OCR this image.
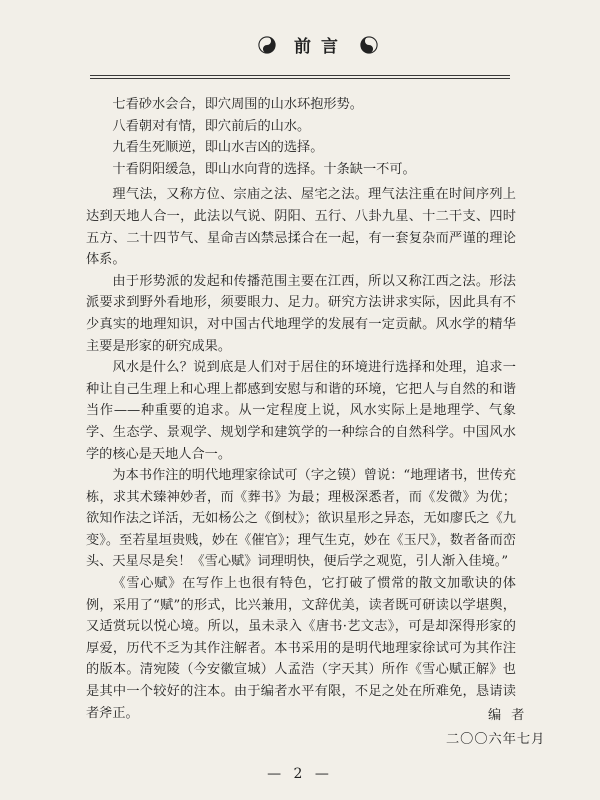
前言

七看砂水会合，即穴周围的山水环抱形势。

八看朝对有情，即穴前后的山水。

九看生死顺逆，即山水吉凶的选择。

十看阴阳缓急，即山水向背的选择。十条缺一不可。

理气法，又称方位、宗庙之法、屋宅之法。理气法注重在时间序列上达到天地人合一，此法以气说、阴阳、五行、八卦九星、十二干支、四时五方、二十四节气、星命吉凶禁忌揉合在一起，有一套复杂而严谨的理论体系。

由于形势派的发起和传播范围主要在江西，所以又称江西之法。形法派要求到野外看地形，须要眼力、足力。研究方法讲求实际，因此具有不少真实的地理知识，对中国古代地理学的发展有一定贡献。风水学的精华主要是形家的研究成果。

风水是什么？说到底是人们对于居住的环境进行选择和处理，追求一种让自己生理上和心理上都感到安慰与和谐的环境，它把人与自然的和谐当作——种重要的追求。从一定程度上说，风水实际上是地理学、气象学、生态学、景观学、规划学和建筑学的一种综合的自然科学。中国风水学的核心是天地人合一。

为本书作注的明代地理家徐试可（字之镆）曾说：“地理诸书，世传充栋，求其术臻神妙者，而《葬书》为最；理极深悉者，而《发微》为优；欲知作法之详活，无如杨公之《倒杖》；欲识星形之异态，无如廖氏之《九变》。至若星垣贵贱，妙在《催官》；理气生克，妙在《玉尺》，数者备而峦头、天星尽是矣！《雪心赋》词理明快，便后学之观览，引人渐入佳境。”

《雪心赋》在写作上也很有特色，它打破了惯常的散文加歌诀的体例，采用了“赋”的形式，比兴兼用，文辞优美，读者既可研读以学堪舆，又适赏玩以悦心境。所以，虽未录入《唐书·艺文志》，可是却深得形家的厚爱，历代不乏为其作注解者。本书采用的是明代地理家徐试可为其作注的版本。清宛陵（今安徽宣城）人孟浩（字天其）所作《雪心赋正解》也是其中一个较好的注本。由于编者水平有限，不足之处在所难免，恳请读者斧正。	编者
二〇〇六年七月
— 2 —
